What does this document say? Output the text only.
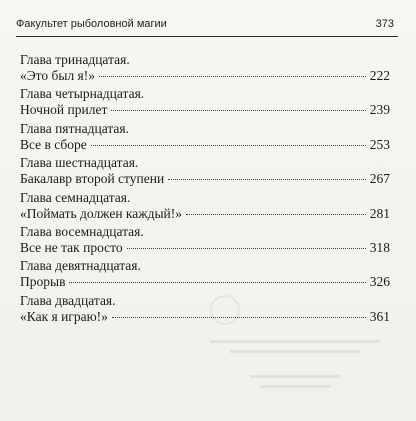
Факультет рыболовной магии	373
Глава тринадцатая.
«Это был я!»	222
Глава четырнадцатая.
Ночной прилет	239
Глава пятнадцатая.
Все в сборе	253
Глава шестнадцатая.
Бакалавр второй ступени	267
Глава семнадцатая.
«Поймать должен каждый!»	281
Глава восемнадцатая.
Все не так просто	318
Глава девятнадцатая.
Прорыв	326
Глава двадцатая.
«Как я играю!»	361
